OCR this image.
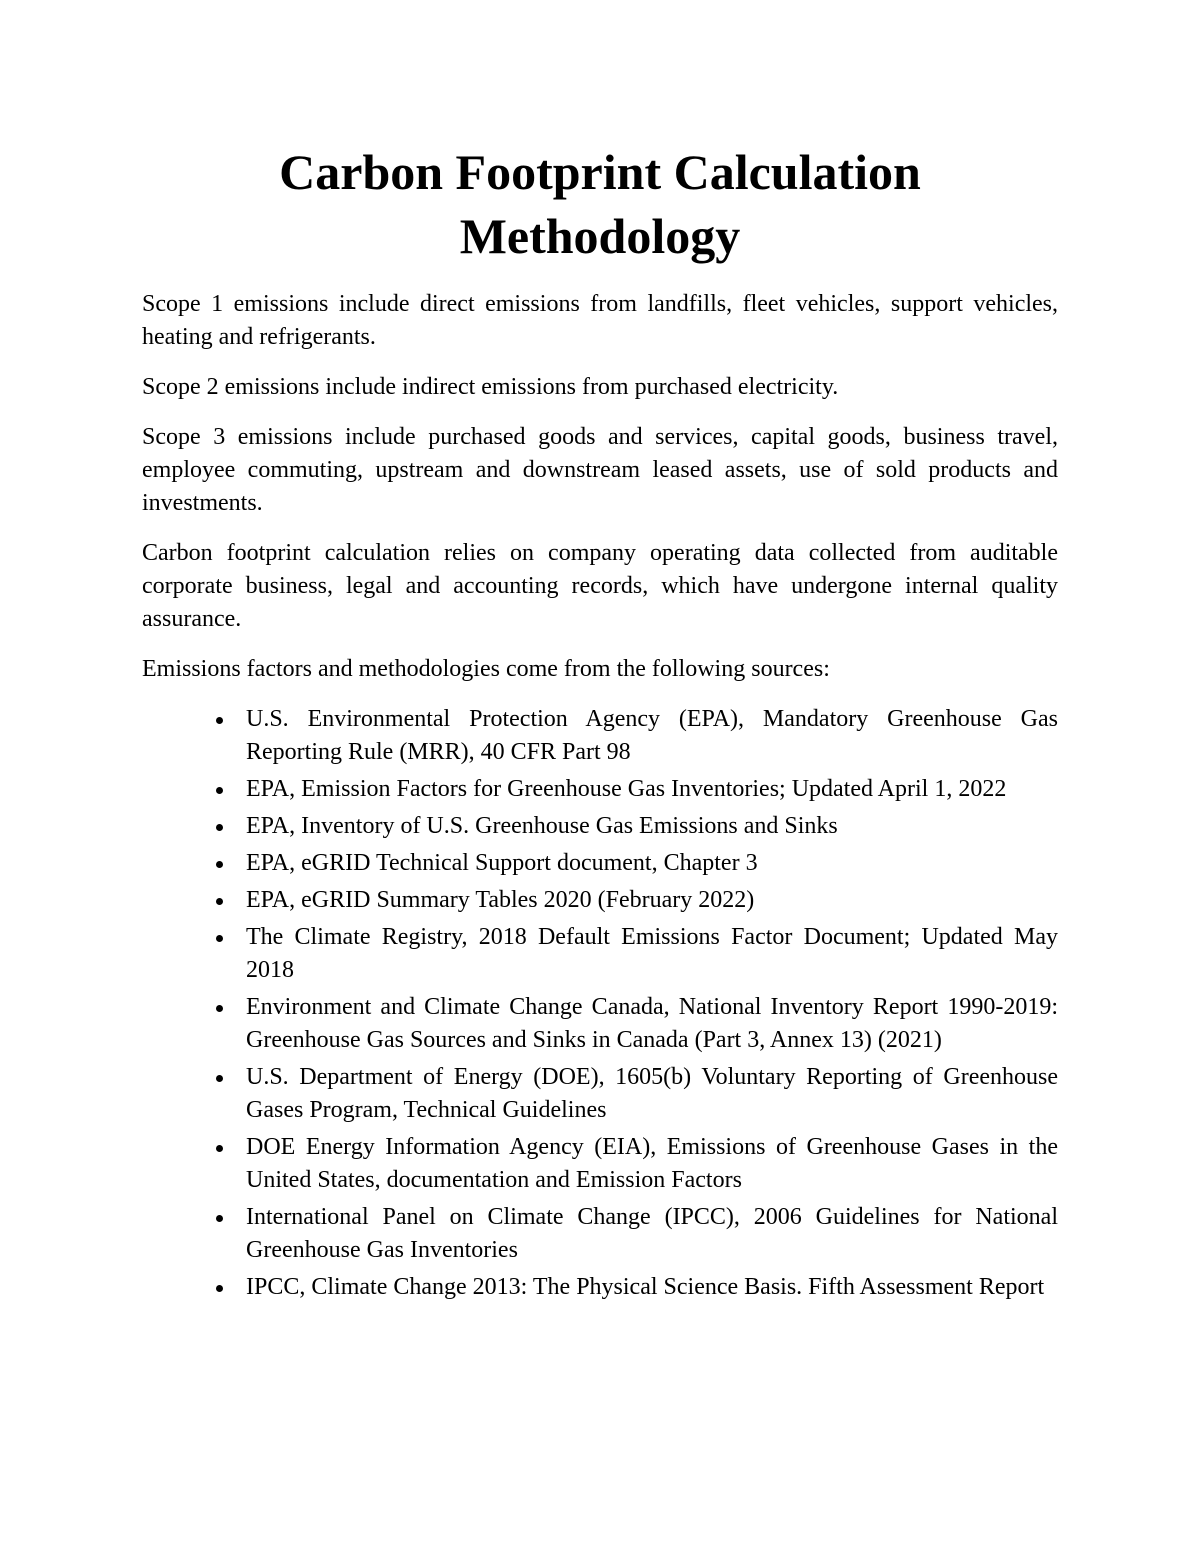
Carbon Footprint Calculation
Methodology

Scope 1 emissions include direct emissions from landfills, fleet vehicles, support vehicles, heating and refrigerants.

Scope 2 emissions include indirect emissions from purchased electricity.

Scope 3 emissions include purchased goods and services, capital goods, business travel, employee commuting, upstream and downstream leased assets, use of sold products and investments.

Carbon footprint calculation relies on company operating data collected from auditable corporate business, legal and accounting records, which have undergone internal quality assurance.

Emissions factors and methodologies come from the following sources:

U.S. Environmental Protection Agency (EPA), Mandatory Greenhouse Gas Reporting Rule (MRR), 40 CFR Part 98
EPA, Emission Factors for Greenhouse Gas Inventories; Updated April 1, 2022
EPA, Inventory of U.S. Greenhouse Gas Emissions and Sinks
EPA, eGRID Technical Support document, Chapter 3
EPA, eGRID Summary Tables 2020 (February 2022)
The Climate Registry, 2018 Default Emissions Factor Document; Updated May 2018
Environment and Climate Change Canada, National Inventory Report 1990-2019: Greenhouse Gas Sources and Sinks in Canada (Part 3, Annex 13) (2021)
U.S. Department of Energy (DOE), 1605(b) Voluntary Reporting of Greenhouse Gases Program, Technical Guidelines
DOE Energy Information Agency (EIA), Emissions of Greenhouse Gases in the United States, documentation and Emission Factors
International Panel on Climate Change (IPCC), 2006 Guidelines for National Greenhouse Gas Inventories
IPCC, Climate Change 2013: The Physical Science Basis. Fifth Assessment Report
